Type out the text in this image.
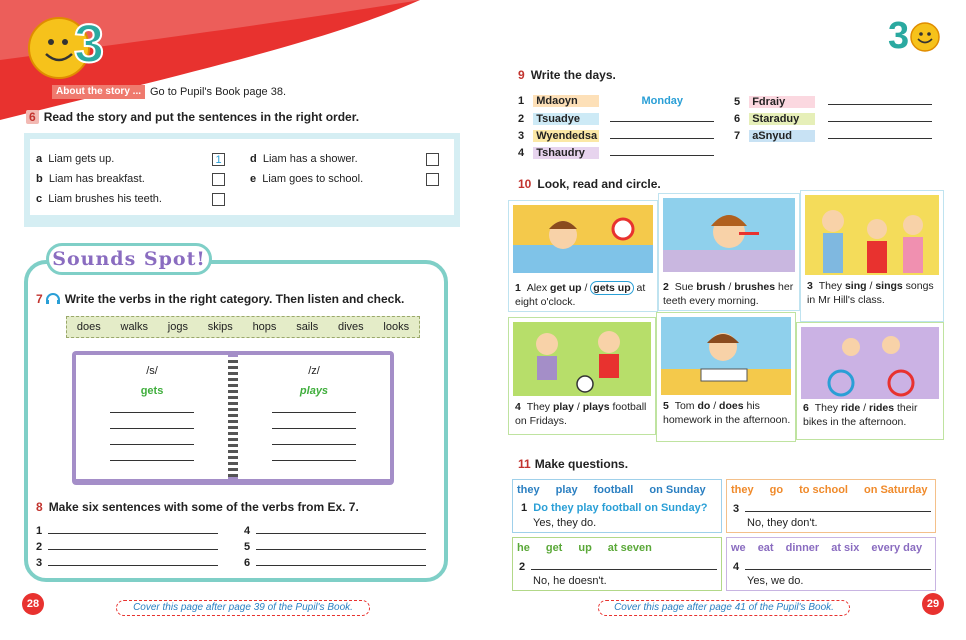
3
About the story ... Go to Pupil's Book page 38.
6 Read the story and put the sentences in the right order.
a Liam gets up.	1
b Liam has breakfast.
c Liam brushes his teeth.
d Liam has a shower.
e Liam goes to school.
Sounds Spot!
7 Write the verbs in the right category. Then listen and check.
does walks jogs skips hops sails dives looks
/s/
gets
/z/
plays
8 Make six sentences with some of the verbs from Ex. 7.
1
2
3
4
5
6
28	Cover this page after page 39 of the Pupil's Book.
3
9 Write the days.
1 Mdaoyn	Monday
2 Tsuadye
3 Wyendedsa
4 Tshaudry
5 Fdraiy
6 Staraduy
7 aSnyud
10 Look, read and circle.
1 Alex get up / gets up at eight o'clock.
2 Sue brush / brushes her teeth every morning.
3 They sing / sings songs in Mr Hill's class.
4 They play / plays football on Fridays.
5 Tom do / does his homework in the afternoon.
6 They ride / rides their bikes in the afternoon.
11 Make questions.
they play football on Sunday
1 Do they play football on Sunday?
Yes, they do.
they go to school on Saturday
3
No, they don't.
he get up at seven
2
No, he doesn't.
we eat dinner at six every day
4
Yes, we do.
Cover this page after page 41 of the Pupil's Book.	29
